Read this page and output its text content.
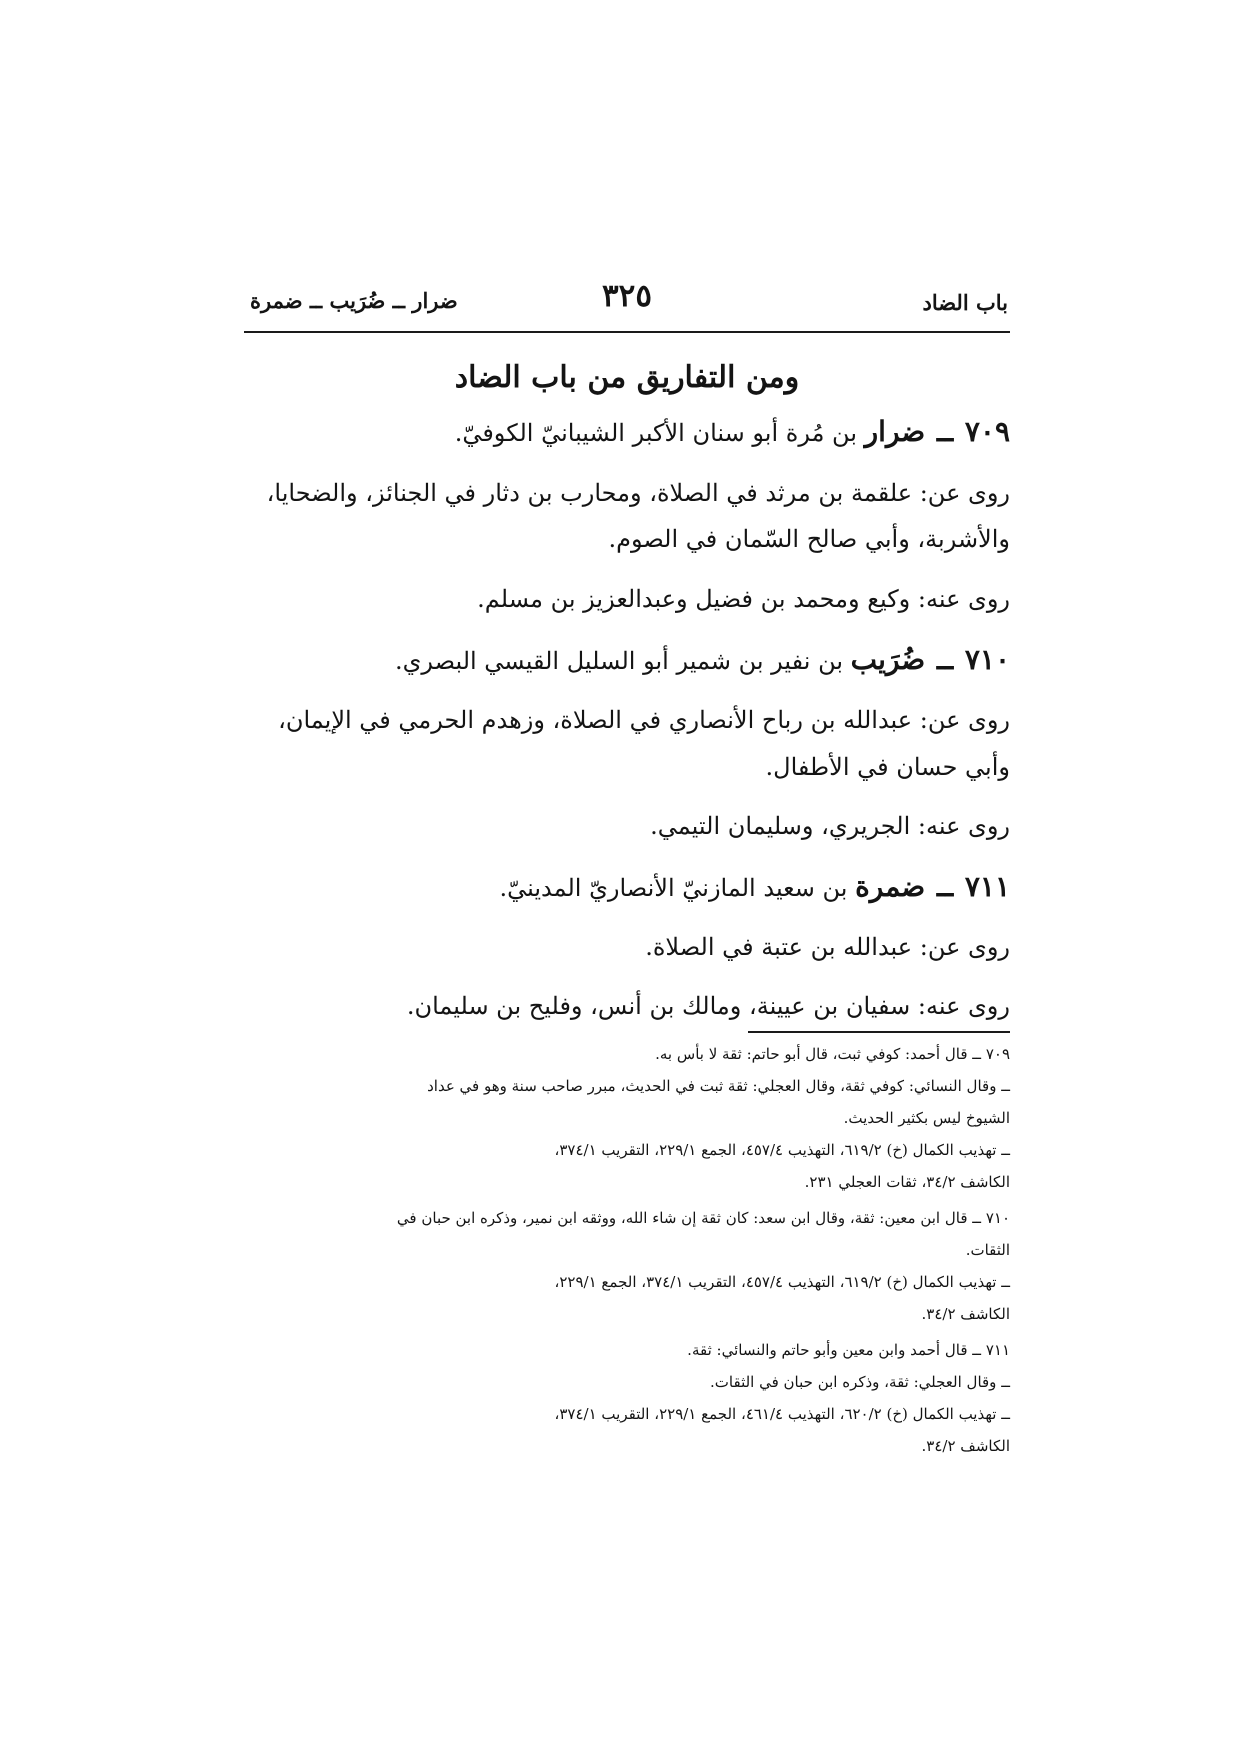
ضرار ــ ضُرَيب ــ ضمرة	٣٢٥	باب الضاد
ومن التفاريق من باب الضاد
٧٠٩ ــ ضرار بن مُرة أبو سنان الأكبر الشيبانيّ الكوفيّ.
روى عن: علقمة بن مرثد في الصلاة، ومحارب بن دثار في الجنائز، والضحايا،
والأشربة، وأبي صالح السّمان في الصوم.
روى عنه: وكيع ومحمد بن فضيل وعبدالعزيز بن مسلم.
٧١٠ ــ ضُرَيب بن نفير بن شمير أبو السليل القيسي البصري.
روى عن: عبدالله بن رباح الأنصاري في الصلاة، وزهدم الحرمي في الإيمان،
وأبي حسان في الأطفال.
روى عنه: الجريري، وسليمان التيمي.
٧١١ ــ ضمرة بن سعيد المازنيّ الأنصاريّ المدينيّ.
روى عن: عبدالله بن عتبة في الصلاة.
روى عنه: سفيان بن عيينة، ومالك بن أنس، وفليح بن سليمان.
٧٠٩ ــ قال أحمد: كوفي ثبت، قال أبو حاتم: ثقة لا بأس به.
ــ وقال النسائي: كوفي ثقة، وقال العجلي: ثقة ثبت في الحديث، مبرر صاحب سنة وهو في عداد
الشيوخ ليس بكثير الحديث.
ــ تهذيب الكمال (خ) ٦١٩/٢، التهذيب ٤٥٧/٤، الجمع ٢٢٩/١، التقريب ٣٧٤/١،
الكاشف ٣٤/٢، ثقات العجلي ٢٣١.
٧١٠ ــ قال ابن معين: ثقة، وقال ابن سعد: كان ثقة إن شاء الله، ووثقه ابن نمير، وذكره ابن حبان في
الثقات.
ــ تهذيب الكمال (خ) ٦١٩/٢، التهذيب ٤٥٧/٤، التقريب ٣٧٤/١، الجمع ٢٢٩/١،
الكاشف ٣٤/٢.
٧١١ ــ قال أحمد وابن معين وأبو حاتم والنسائي: ثقة.
ــ وقال العجلي: ثقة، وذكره ابن حبان في الثقات.
ــ تهذيب الكمال (خ) ٦٢٠/٢، التهذيب ٤٦١/٤، الجمع ٢٢٩/١، التقريب ٣٧٤/١،
الكاشف ٣٤/٢.
